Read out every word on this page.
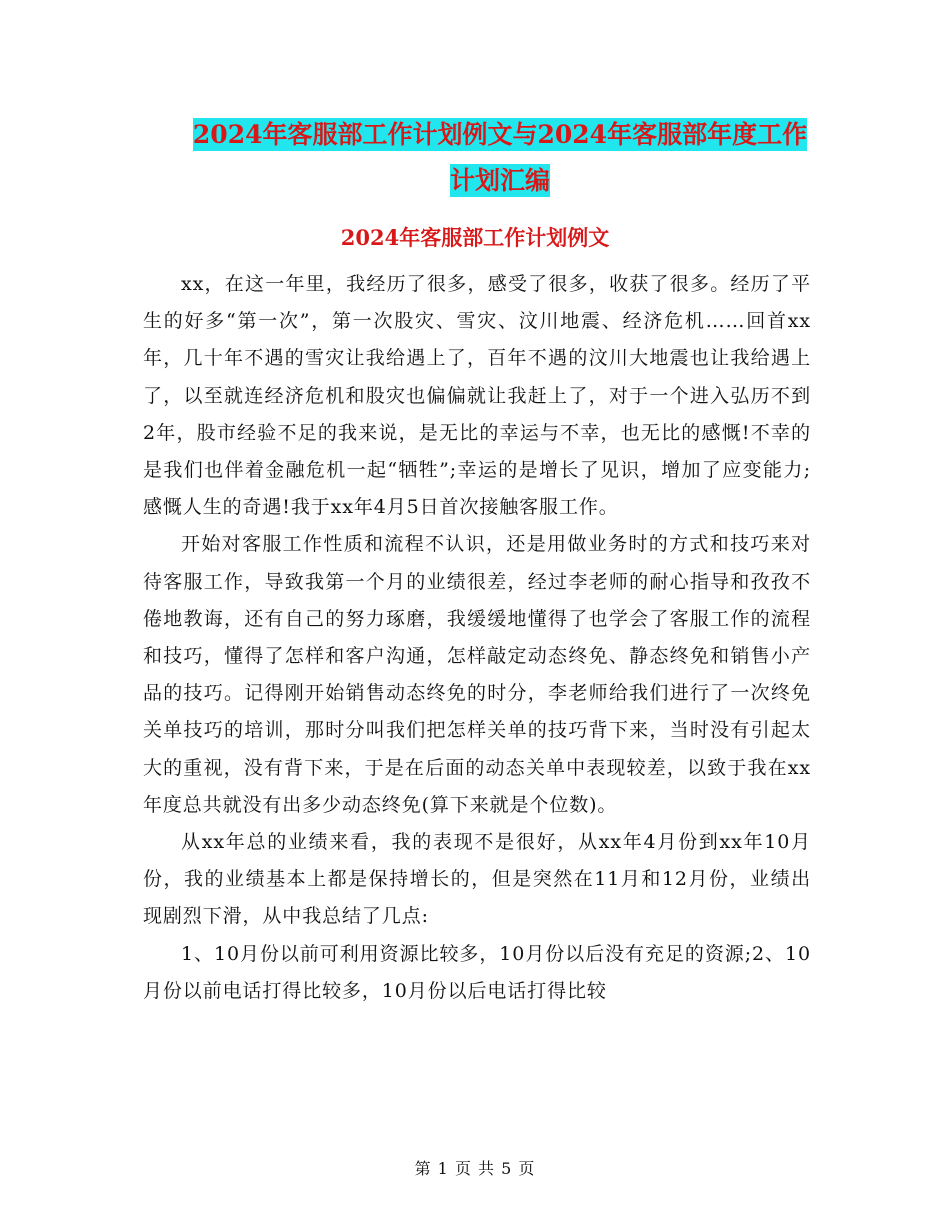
2024年客服部工作计划例文与2024年客服部年度工作
计划汇编
2024年客服部工作计划例文

xx，在这一年里，我经历了很多，感受了很多，收获了很多。经历了平生的好多“第一次”，第一次股灾、雪灾、汶川地震、经济危机……回首xx年，几十年不遇的雪灾让我给遇上了，百年不遇的汶川大地震也让我给遇上了，以至就连经济危机和股灾也偏偏就让我赶上了，对于一个进入弘历不到2年，股市经验不足的我来说，是无比的幸运与不幸，也无比的感慨!不幸的是我们也伴着金融危机一起“牺牲”;幸运的是增长了见识，增加了应变能力;感慨人生的奇遇!我于xx年4月5日首次接触客服工作。

开始对客服工作性质和流程不认识，还是用做业务时的方式和技巧来对待客服工作，导致我第一个月的业绩很差，经过李老师的耐心指导和孜孜不倦地教诲，还有自己的努力琢磨，我缓缓地懂得了也学会了客服工作的流程和技巧，懂得了怎样和客户沟通，怎样敲定动态终免、静态终免和销售小产品的技巧。记得刚开始销售动态终免的时分，李老师给我们进行了一次终免关单技巧的培训，那时分叫我们把怎样关单的技巧背下来，当时没有引起太大的重视，没有背下来，于是在后面的动态关单中表现较差，以致于我在xx年度总共就没有出多少动态终免(算下来就是个位数)。

从xx年总的业绩来看，我的表现不是很好，从xx年4月份到xx年10月份，我的业绩基本上都是保持增长的，但是突然在11月和12月份，业绩出现剧烈下滑，从中我总结了几点:

1、10月份以前可利用资源比较多，10月份以后没有充足的资源;2、10月份以前电话打得比较多，10月份以后电话打得比较

第 1 页 共 5 页
